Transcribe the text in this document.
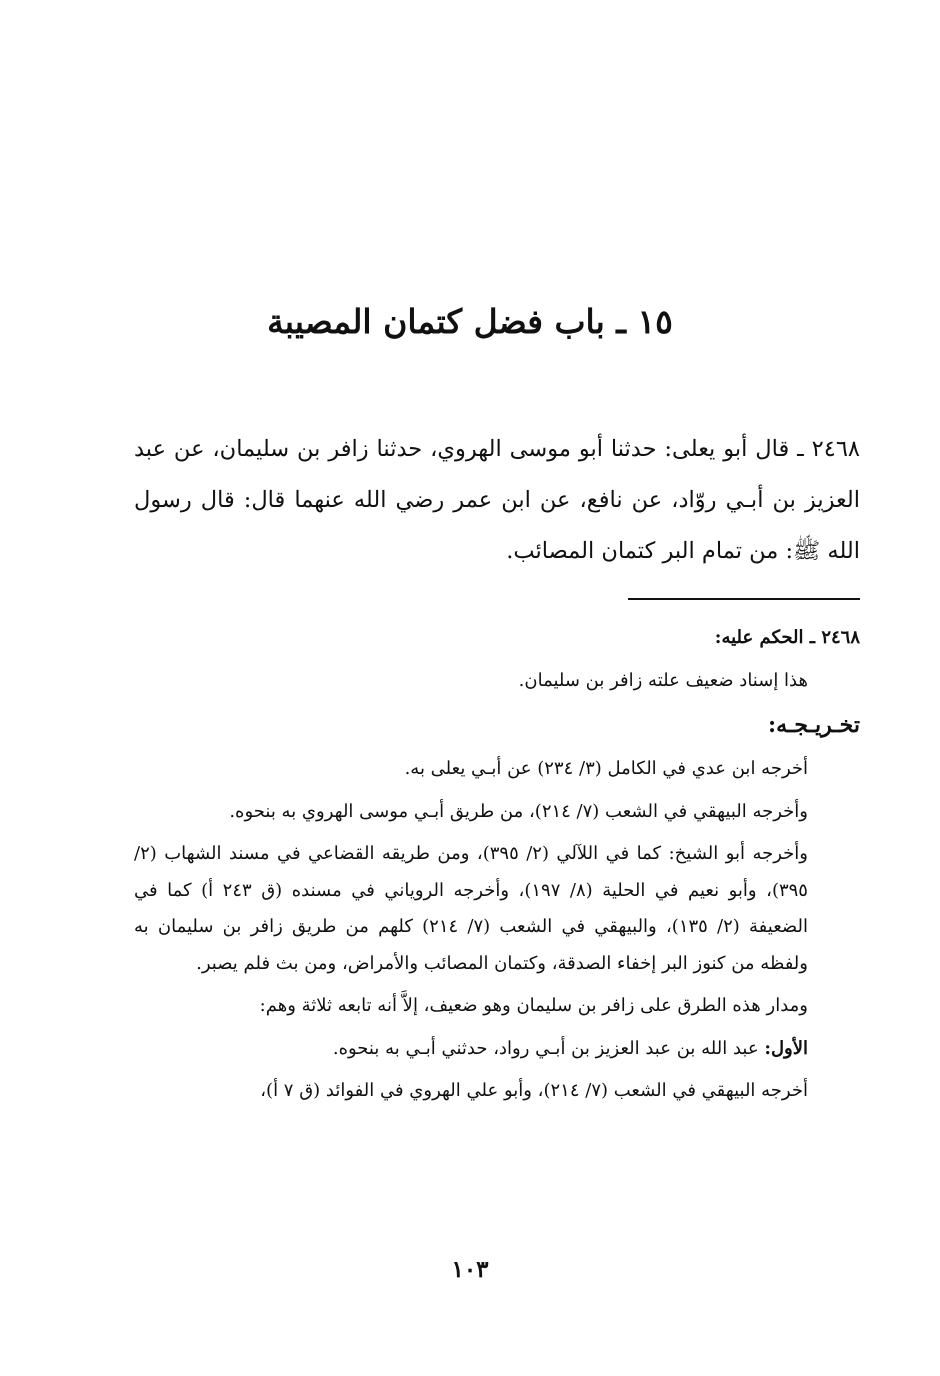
١٥ ـ باب فضل كتمان المصيبة

٢٤٦٨ ـ قال أبو يعلى: حدثنا أبو موسى الهروي، حدثنا زافر بن سليمان، عن عبد العزيز بن أبـي روّاد، عن نافع، عن ابن عمر رضي الله عنهما قال: قال رسول الله ﷺ: من تمام البر كتمان المصائب.

٢٤٦٨ ـ الحكم عليه:

هذا إسناد ضعيف علته زافر بن سليمان.

تخـريـجـه:

أخرجه ابن عدي في الكامل (٣/ ٢٣٤) عن أبـي يعلى به.

وأخرجه البيهقي في الشعب (٧/ ٢١٤)، من طريق أبـي موسى الهروي به بنحوه.

وأخرجه أبو الشيخ: كما في اللآلي (٢/ ٣٩٥)، ومن طريقه القضاعي في مسند الشهاب (٢/ ٣٩٥)، وأبو نعيم في الحلية (٨/ ١٩٧)، وأخرجه الروياني في مسنده (ق ٢٤٣ أ) كما في الضعيفة (٢/ ١٣٥)، والبيهقي في الشعب (٧/ ٢١٤) كلهم من طريق زافر بن سليمان به ولفظه من كنوز البر إخفاء الصدقة، وكتمان المصائب والأمراض، ومن بث فلم يصبر.

ومدار هذه الطرق على زافر بن سليمان وهو ضعيف، إلاَّ أنه تابعه ثلاثة وهم:

الأول: عبد الله بن عبد العزيز بن أبـي رواد، حدثني أبـي به بنحوه.

أخرجه البيهقي في الشعب (٧/ ٢١٤)، وأبو علي الهروي في الفوائد (ق ٧ أ)،

١٠٣
